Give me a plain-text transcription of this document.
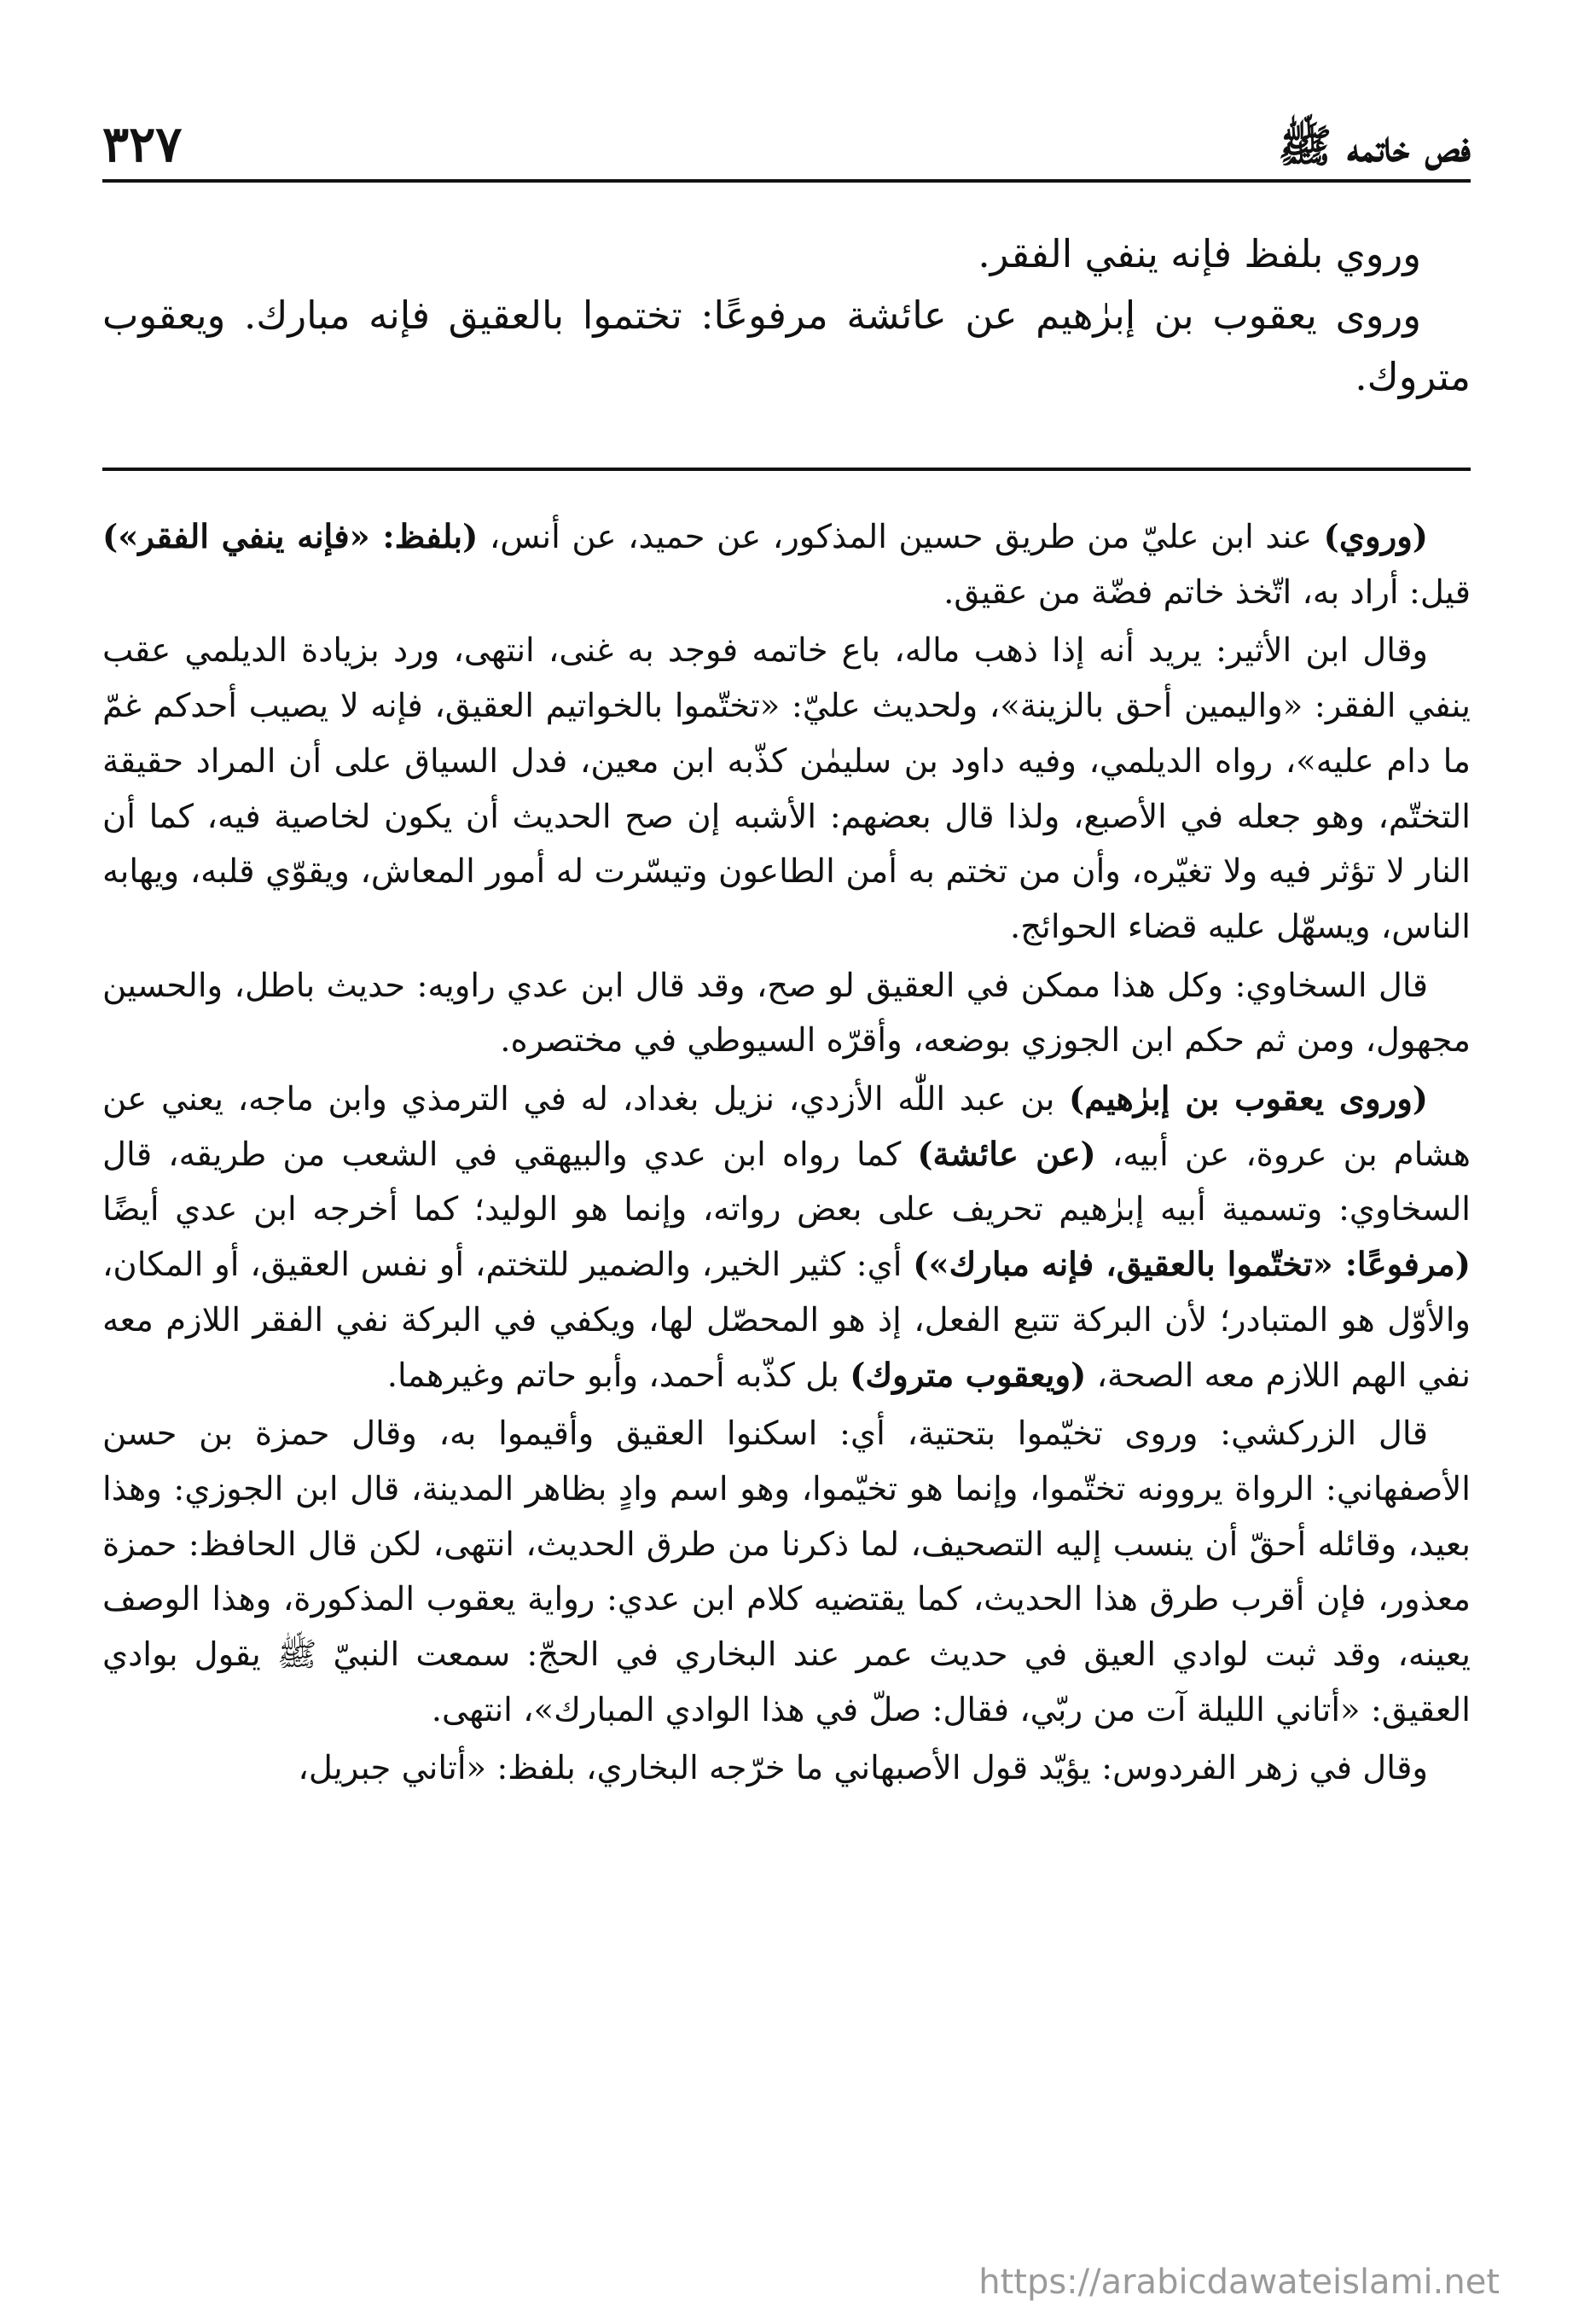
فص خاتمه ﷺ
٣٢٧

وروي بلفظ فإنه ينفي الفقر.

وروى يعقوب بن إبرٰهيم عن عائشة مرفوعًا: تختموا بالعقيق فإنه مبارك. ويعقوب متروك.

(وروي) عند ابن عليّ من طريق حسين المذكور، عن حميد، عن أنس، (بلفظ: «فإنه ينفي الفقر») قيل: أراد به، اتّخذ خاتم فضّة من عقيق.

وقال ابن الأثير: يريد أنه إذا ذهب ماله، باع خاتمه فوجد به غنى، انتهى، ورد بزيادة الديلمي عقب ينفي الفقر: «واليمين أحق بالزينة»، ولحديث عليّ: «تختّموا بالخواتيم العقيق، فإنه لا يصيب أحدكم غمّ ما دام عليه»، رواه الديلمي، وفيه داود بن سليمٰن كذّبه ابن معين، فدل السياق على أن المراد حقيقة التختّم، وهو جعله في الأصبع، ولذا قال بعضهم: الأشبه إن صح الحديث أن يكون لخاصية فيه، كما أن النار لا تؤثر فيه ولا تغيّره، وأن من تختم به أمن الطاعون وتيسّرت له أمور المعاش، ويقوّي قلبه، ويهابه الناس، ويسهّل عليه قضاء الحوائج.

قال السخاوي: وكل هذا ممكن في العقيق لو صح، وقد قال ابن عدي راويه: حديث باطل، والحسين مجهول، ومن ثم حكم ابن الجوزي بوضعه، وأقرّه السيوطي في مختصره.

(وروى يعقوب بن إبرٰهيم) بن عبد اللّٰه الأزدي، نزيل بغداد، له في الترمذي وابن ماجه، يعني عن هشام بن عروة، عن أبيه، (عن عائشة) كما رواه ابن عدي والبيهقي في الشعب من طريقه، قال السخاوي: وتسمية أبيه إبرٰهيم تحريف على بعض رواته، وإنما هو الوليد؛ كما أخرجه ابن عدي أيضًا (مرفوعًا: «تختّموا بالعقيق، فإنه مبارك») أي: كثير الخير، والضمير للتختم، أو نفس العقيق، أو المكان، والأوّل هو المتبادر؛ لأن البركة تتبع الفعل، إذ هو المحصّل لها، ويكفي في البركة نفي الفقر اللازم معه نفي الهم اللازم معه الصحة، (ويعقوب متروك) بل كذّبه أحمد، وأبو حاتم وغيرهما.

قال الزركشي: وروى تخيّموا بتحتية، أي: اسكنوا العقيق وأقيموا به، وقال حمزة بن حسن الأصفهاني: الرواة يروونه تختّموا، وإنما هو تخيّموا، وهو اسم وادٍ بظاهر المدينة، قال ابن الجوزي: وهذا بعيد، وقائله أحقّ أن ينسب إليه التصحيف، لما ذكرنا من طرق الحديث، انتهى، لكن قال الحافظ: حمزة معذور، فإن أقرب طرق هذا الحديث، كما يقتضيه كلام ابن عدي: رواية يعقوب المذكورة، وهذا الوصف يعينه، وقد ثبت لوادي العيق في حديث عمر عند البخاري في الحجّ: سمعت النبيّ ﷺ يقول بوادي العقيق: «أتاني الليلة آت من ربّي، فقال: صلّ في هذا الوادي المبارك»، انتهى.

وقال في زهر الفردوس: يؤيّد قول الأصبهاني ما خرّجه البخاري، بلفظ: «أتاني جبريل،

https://arabicdawateislami.net
